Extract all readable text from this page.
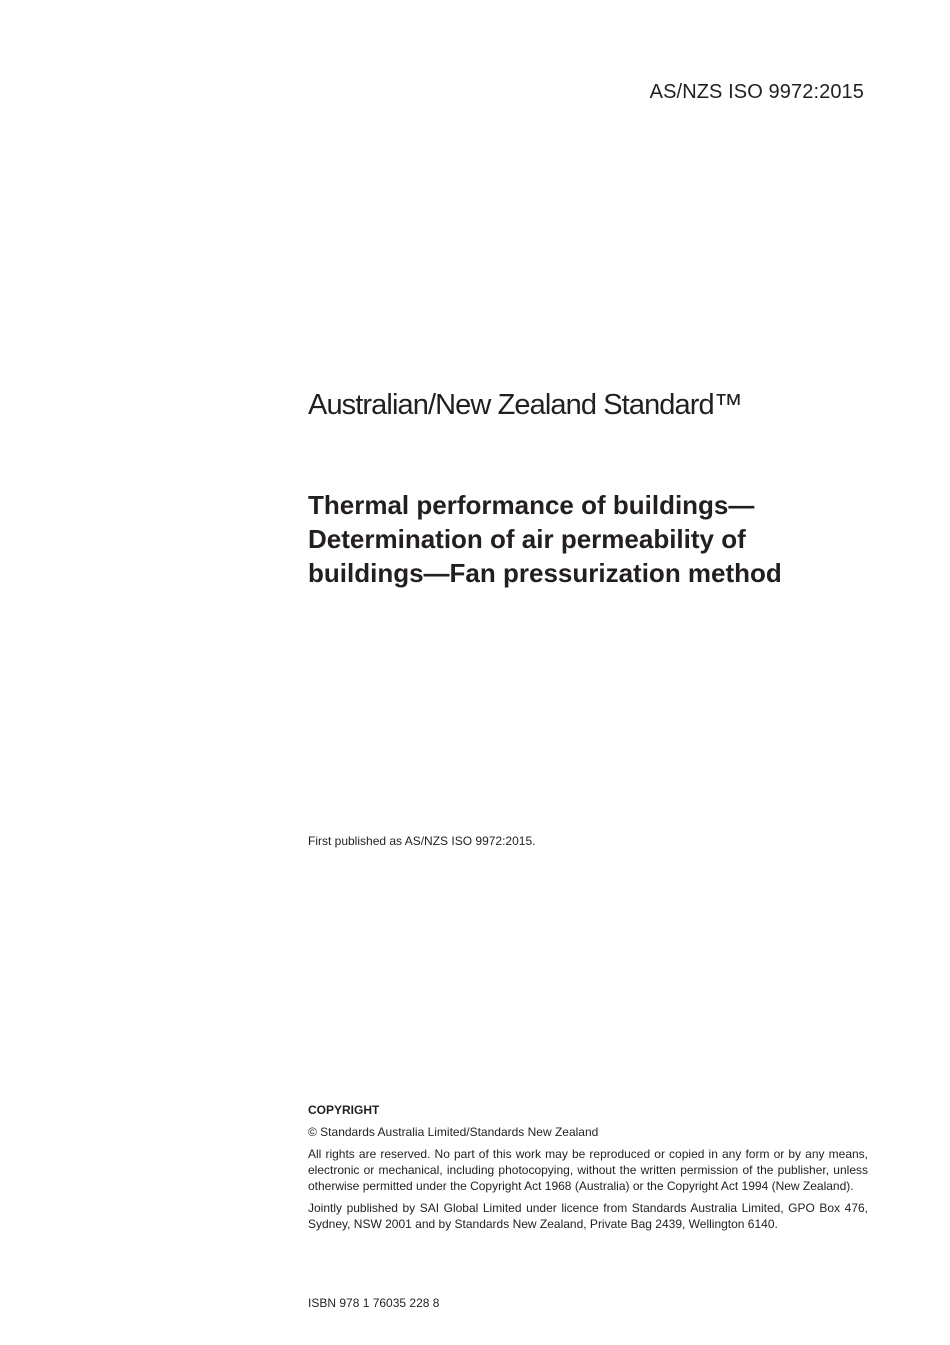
AS/NZS ISO 9972:2015
Australian/New Zealand Standard™
Thermal performance of buildings—
Determination of air permeability of
buildings—Fan pressurization method
First published as AS/NZS ISO 9972:2015.

COPYRIGHT

© Standards Australia Limited/Standards New Zealand

All rights are reserved. No part of this work may be reproduced or copied in any form or by any means, electronic or mechanical, including photocopying, without the written permission of the publisher, unless otherwise permitted under the Copyright Act 1968 (Australia) or the Copyright Act 1994 (New Zealand).

Jointly published by SAI Global Limited under licence from Standards Australia Limited, GPO Box 476, Sydney, NSW 2001 and by Standards New Zealand, Private Bag 2439, Wellington 6140.

ISBN 978 1 76035 228 8
